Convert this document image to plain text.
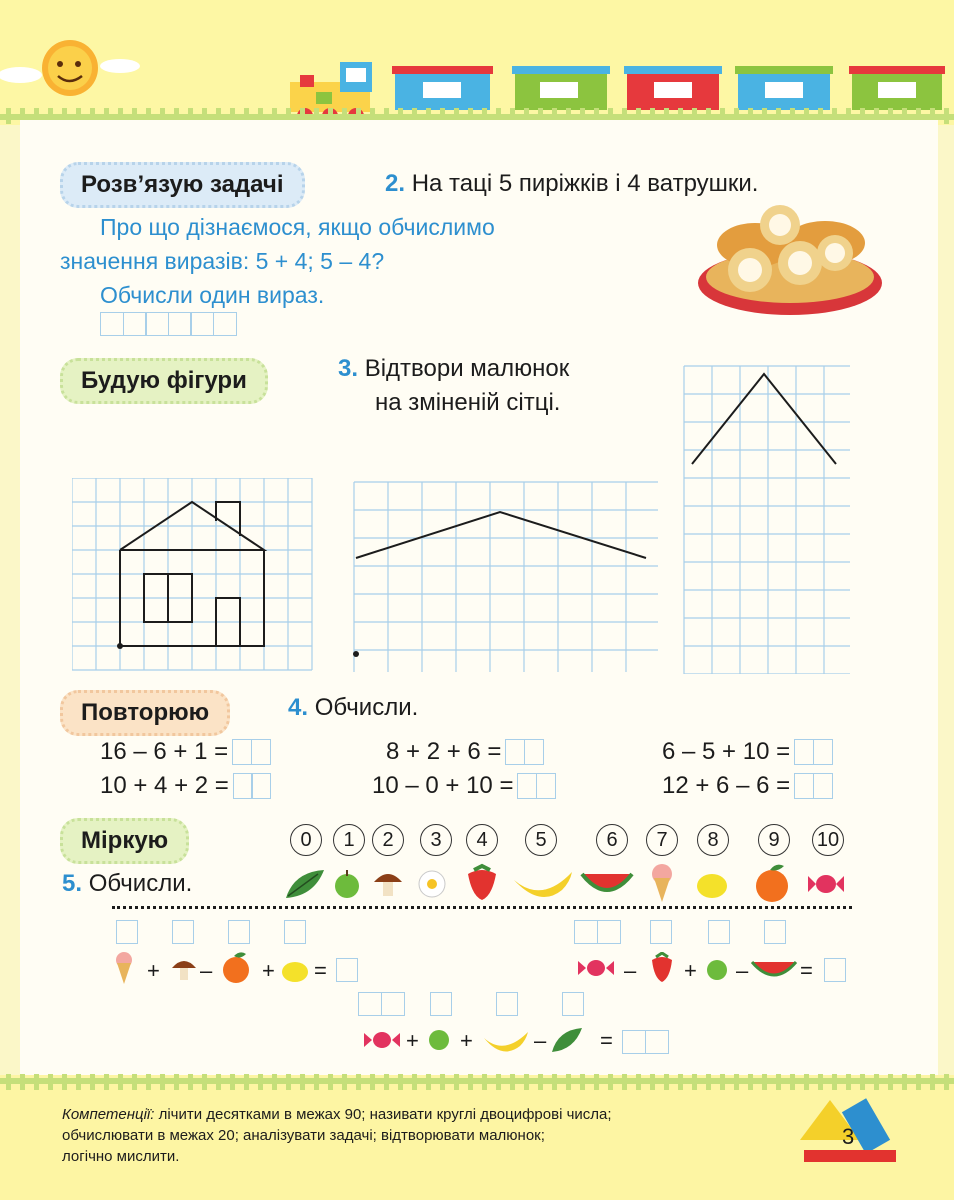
Розв’язую задачі	2. На таці 5 пиріжків і 4 ватрушки.
Про що дізнаємося, якщо обчислимо
значення виразів: 5 + 4; 5 – 4?
Обчисли один вираз.
Будую фігури	3. Відтвори малюнок
на зміненій сітці.
Повторюю	4. Обчисли.
16 – 6 + 1 =	8 + 2 + 6 =	6 – 5 + 10 =
10 + 4 + 2 =	10 – 0 + 10 =	12 + 6 – 6 =
Міркую
5. Обчисли.
0	1	2	3	4	5	6	7	8	9	10
+ – + =	– + – =
+ +	– =
Компетенції: лічити десятками в межах 90; називати круглі двоцифрові числа;
обчислювати в межах 20; аналізувати задачі; відтворювати малюнок;
логічно мислити.
3
